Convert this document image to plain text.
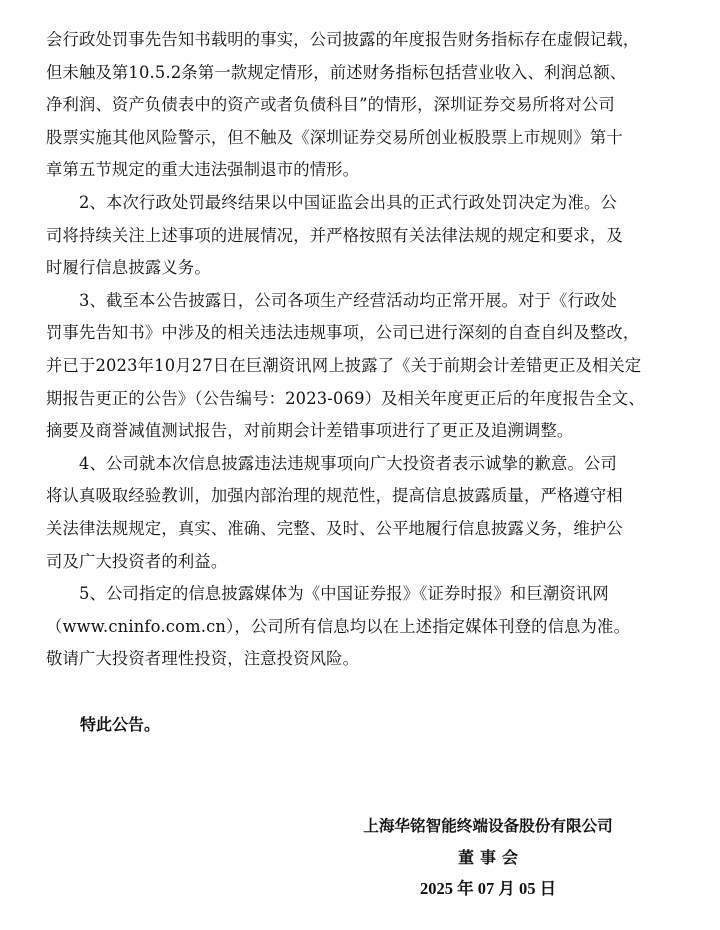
会行政处罚事先告知书载明的事实，公司披露的年度报告财务指标存在虚假记载，
但未触及第10.5.2条第一款规定情形，前述财务指标包括营业收入、利润总额、
净利润、资产负债表中的资产或者负债科目”的情形，深圳证券交易所将对公司
股票实施其他风险警示，但不触及《深圳证券交易所创业板股票上市规则》第十
章第五节规定的重大违法强制退市的情形。

2、本次行政处罚最终结果以中国证监会出具的正式行政处罚决定为准。公
司将持续关注上述事项的进展情况，并严格按照有关法律法规的规定和要求，及
时履行信息披露义务。

3、截至本公告披露日，公司各项生产经营活动均正常开展。对于《行政处
罚事先告知书》中涉及的相关违法违规事项，公司已进行深刻的自查自纠及整改，
并已于2023年10月27日在巨潮资讯网上披露了《关于前期会计差错更正及相关定
期报告更正的公告》（公告编号：2023-069）及相关年度更正后的年度报告全文、
摘要及商誉减值测试报告，对前期会计差错事项进行了更正及追溯调整。

4、公司就本次信息披露违法违规事项向广大投资者表示诚挚的歉意。公司
将认真吸取经验教训，加强内部治理的规范性，提高信息披露质量，严格遵守相
关法律法规规定，真实、准确、完整、及时、公平地履行信息披露义务，维护公
司及广大投资者的利益。

5、公司指定的信息披露媒体为《中国证券报》《证券时报》和巨潮资讯网
（www.cninfo.com.cn），公司所有信息均以在上述指定媒体刊登的信息为准。
敬请广大投资者理性投资，注意投资风险。

特此公告。
上海华铭智能终端设备股份有限公司
董事会
2025 年 07 月 05 日
